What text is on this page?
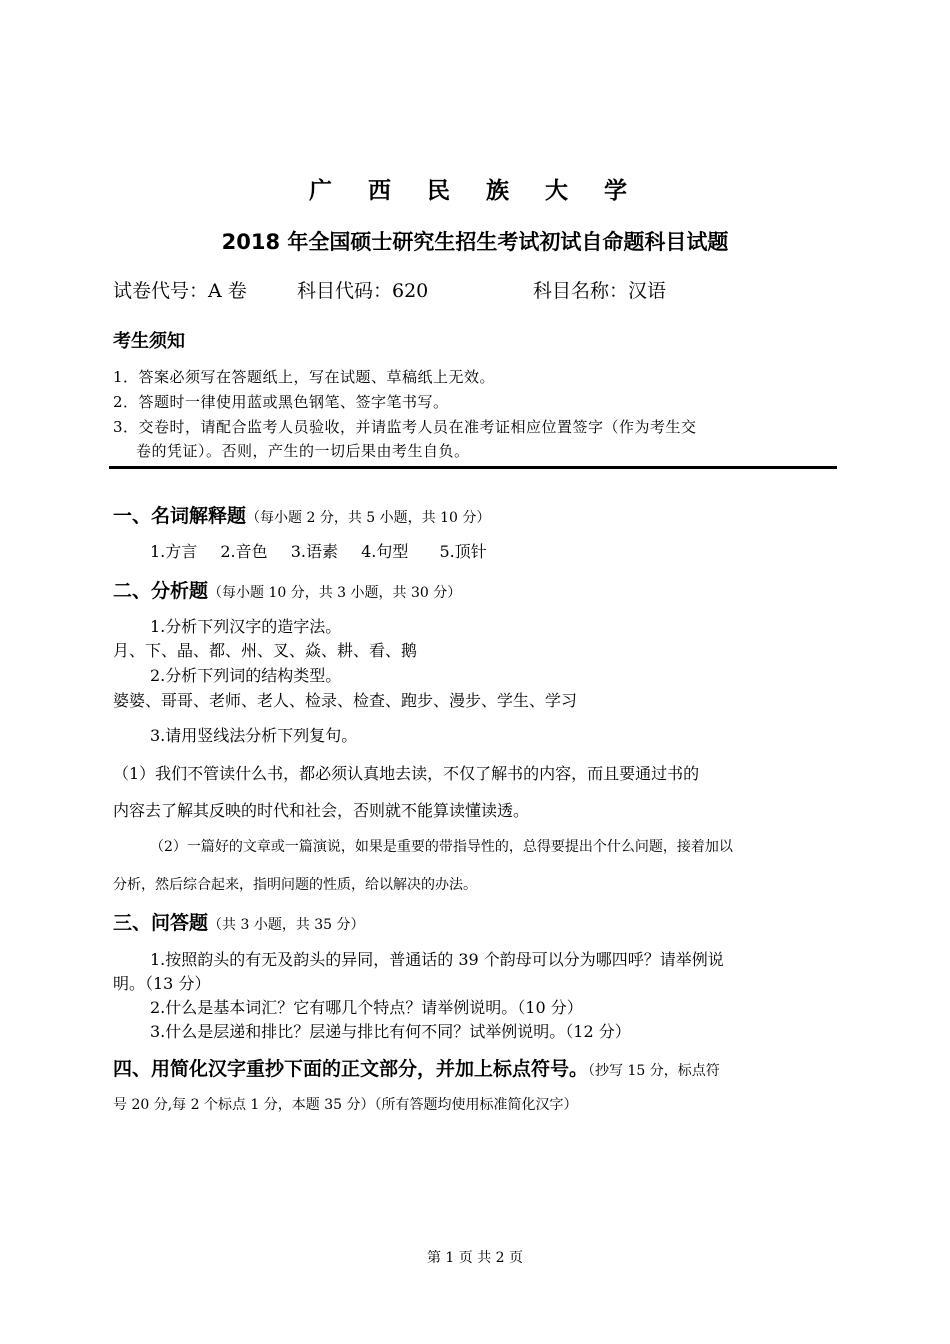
广 西 民 族 大 学
2018 年全国硕士研究生招生考试初试自命题科目试题
试卷代号：A 卷	科目代码：620	科目名称：汉语
考生须知
1．答案必须写在答题纸上，写在试题、草稿纸上无效。
2．答题时一律使用蓝或黑色钢笔、签字笔书写。
3．交卷时，请配合监考人员验收，并请监考人员在准考证相应位置签字（作为考生交
卷的凭证）。否则，产生的一切后果由考生自负。
一、名词解释题（每小题 2 分，共 5 小题，共 10 分）
1.方言 2.音色 3.语素 4.句型 5.顶针
二、分析题（每小题 10 分，共 3 小题，共 30 分）
1.分析下列汉字的造字法。
月、下、晶、都、州、叉、焱、耕、看、鹅
2.分析下列词的结构类型。
婆婆、哥哥、老师、老人、检录、检查、跑步、漫步、学生、学习
3.请用竖线法分析下列复句。
（1）我们不管读什么书，都必须认真地去读，不仅了解书的内容，而且要通过书的
内容去了解其反映的时代和社会，否则就不能算读懂读透。
（2）一篇好的文章或一篇演说，如果是重要的带指导性的，总得要提出个什么问题，接着加以
分析，然后综合起来，指明问题的性质，给以解决的办法。
三、问答题（共 3 小题，共 35 分）
1.按照韵头的有无及韵头的异同，普通话的 39 个韵母可以分为哪四呼？请举例说
明。（13 分）
2.什么是基本词汇？它有哪几个特点？请举例说明。（10 分）
3.什么是层递和排比？层递与排比有何不同？试举例说明。（12 分）
四、用简化汉字重抄下面的正文部分，并加上标点符号。（抄写 15 分，标点符
号 20 分,每 2 个标点 1 分，本题 35 分）（所有答题均使用标准简化汉字）
第 1 页 共 2 页
